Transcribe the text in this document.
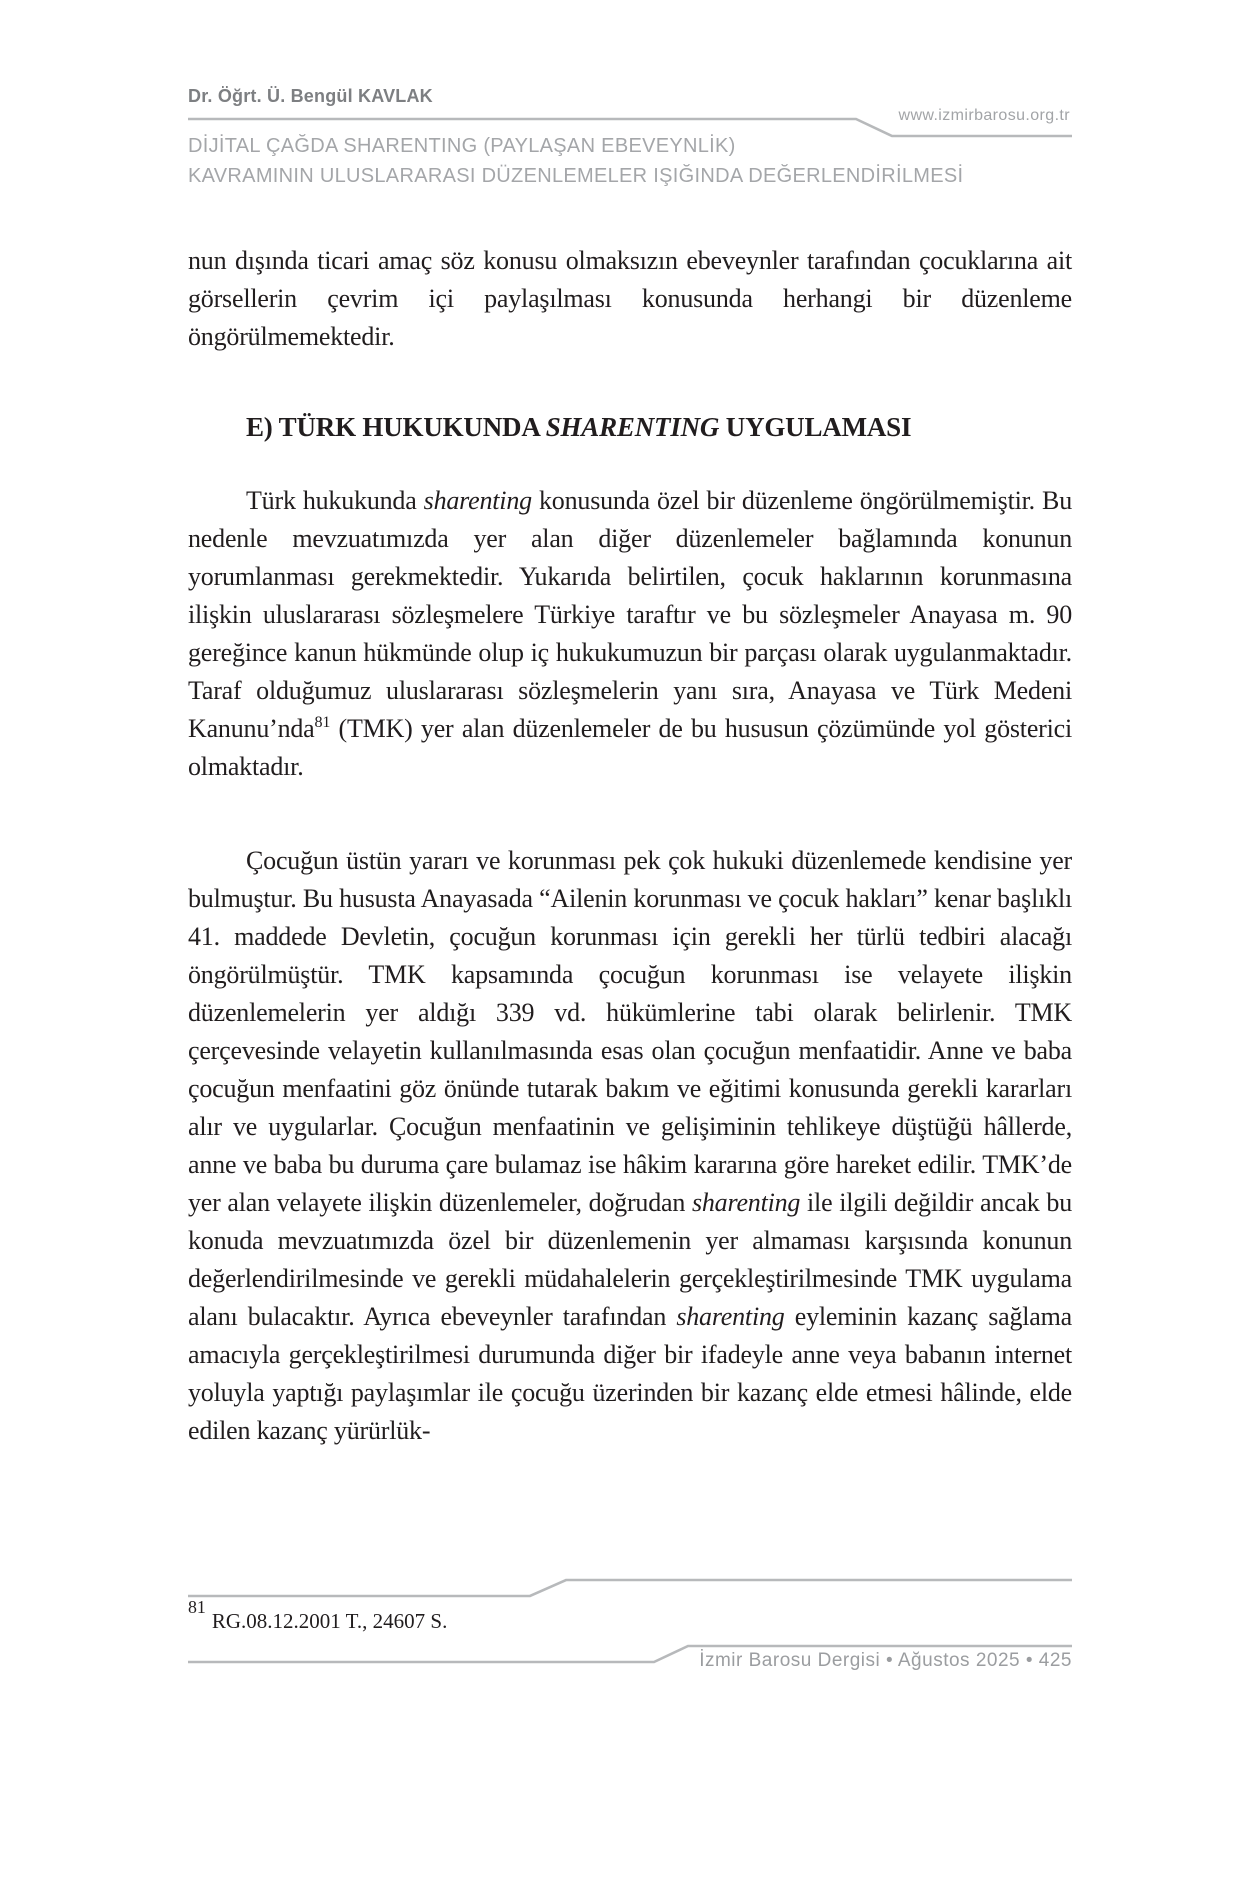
Dr. Öğrt. Ü. Bengül KAVLAK
www.izmirbarosu.org.tr
DİJİTAL ÇAĞDA SHARENTING (PAYLAŞAN EBEVEYNLİK)
KAVRAMININ ULUSLARARASI DÜZENLEMELER IŞIĞINDA DEĞERLENDİRİLMESİ

nun dışında ticari amaç söz konusu olmaksızın ebeveynler tarafından çocuklarına ait görsellerin çevrim içi paylaşılması konusunda herhangi bir düzenleme öngörülmemektedir.

E) TÜRK HUKUKUNDA SHARENTING UYGULAMASI

Türk hukukunda sharenting konusunda özel bir düzenleme öngörülmemiştir. Bu nedenle mevzuatımızda yer alan diğer düzenlemeler bağlamında konunun yorumlanması gerekmektedir. Yukarıda belirtilen, çocuk haklarının korunmasına ilişkin uluslararası sözleşmelere Türkiye taraftır ve bu sözleşmeler Anayasa m. 90 gereğince kanun hükmünde olup iç hukukumuzun bir parçası olarak uygulanmaktadır. Taraf olduğumuz uluslararası sözleşmelerin yanı sıra, Anayasa ve Türk Medeni Kanunu’nda$^{81}$ (TMK) yer alan düzenlemeler de bu hususun çözümünde yol gösterici olmaktadır.

Çocuğun üstün yararı ve korunması pek çok hukuki düzenlemede kendisine yer bulmuştur. Bu hususta Anayasada “Ailenin korunması ve çocuk hakları” kenar başlıklı 41. maddede Devletin, çocuğun korunması için gerekli her türlü tedbiri alacağı öngörülmüştür. TMK kapsamında çocuğun korunması ise velayete ilişkin düzenlemelerin yer aldığı 339 vd. hükümlerine tabi olarak belirlenir. TMK çerçevesinde velayetin kullanılmasında esas olan çocuğun menfaatidir. Anne ve baba çocuğun menfaatini göz önünde tutarak bakım ve eğitimi konusunda gerekli kararları alır ve uygularlar. Çocuğun menfaatinin ve gelişiminin tehlikeye düştüğü hâllerde, anne ve baba bu duruma çare bulamaz ise hâkim kararına göre hareket edilir. TMK’de yer alan velayete ilişkin düzenlemeler, doğrudan sharenting ile ilgili değildir ancak bu konuda mevzuatımızda özel bir düzenlemenin yer almaması karşısında konunun değerlendirilmesinde ve gerekli müdahalelerin gerçekleştirilmesinde TMK uygulama alanı bulacaktır. Ayrıca ebeveynler tarafından sharenting eyleminin kazanç sağlama amacıyla gerçekleştirilmesi durumunda diğer bir ifadeyle anne veya babanın internet yoluyla yaptığı paylaşımlar ile çocuğu üzerinden bir kazanç elde etmesi hâlinde, elde edilen kazanç yürürlük-

$^{81}$RG.08.12.2001 T., 24607 S.
İzmir Barosu Dergisi • Ağustos 2025 • 425
